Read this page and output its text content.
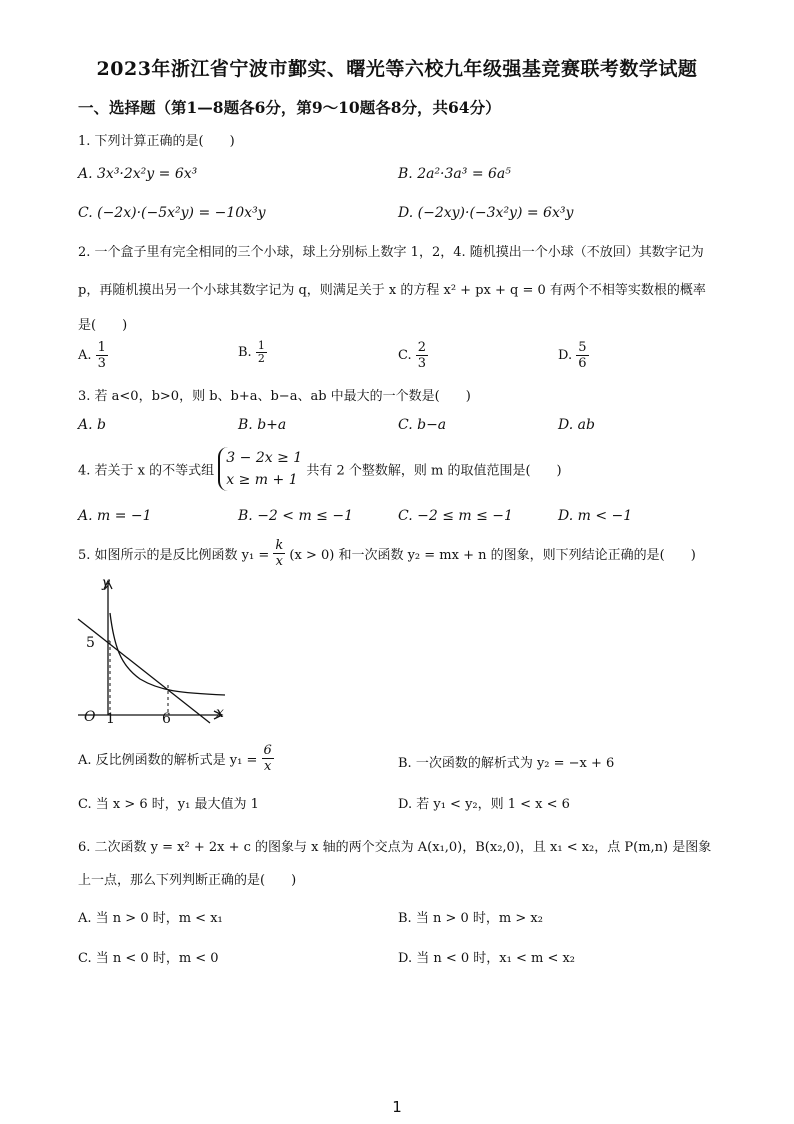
2023年浙江省宁波市鄞实、曙光等六校九年级强基竞赛联考数学试题
一、选择题（第1—8题各6分，第9～10题各8分，共64分）
1. 下列计算正确的是(　　)
A. 3x³·2x²y = 6x³	B. 2a²·3a³ = 6a⁵
C. (−2x)·(−5x²y) = −10x³y	D. (−2xy)·(−3x²y) = 6x³y
2. 一个盒子里有完全相同的三个小球，球上分别标上数字 1，2，4. 随机摸出一个小球（不放回）其数字记为
p，再随机摸出另一个小球其数字记为 q，则满足关于 x 的方程 x² + px + q = 0 有两个不相等实数根的概率
是(　　)
A. $\frac{1}{3}$	B. $\frac{1}{2}$	C. $\frac{2}{3}$	D. $\frac{5}{6}$
3. 若 a<0，b>0，则 b、b+a、b−a、ab 中最大的一个数是(　　)
A. b	B. b+a	C. b−a	D. ab
4. 若关于 x 的不等式组
3 − 2x ≥ 1
x ≥ m + 1
共有 2 个整数解，则 m 的取值范围是(　　)
A. m = −1	B. −2 < m ≤ −1	C. −2 ≤ m ≤ −1	D. m < −1
5. 如图所示的是反比例函数 $y_1 = \frac{k}{x} (x > 0)$ 和一次函数 y₂ = mx + n 的图象，则下列结论正确的是(　　)
y
x
O
5
1	6
A. 反比例函数的解析式是 $y_1 = \frac{6}{x}$	B. 一次函数的解析式为 y₂ = −x + 6
C. 当 x > 6 时，y₁ 最大值为 1	D. 若 y₁ < y₂，则 1 < x < 6
6. 二次函数 y = x² + 2x + c 的图象与 x 轴的两个交点为 A(x₁,0)，B(x₂,0)，且 x₁ < x₂，点 P(m,n) 是图象
上一点，那么下列判断正确的是(　　)
A. 当 n > 0 时，m < x₁	B. 当 n > 0 时，m > x₂
C. 当 n < 0 时，m < 0	D. 当 n < 0 时，x₁ < m < x₂
1
